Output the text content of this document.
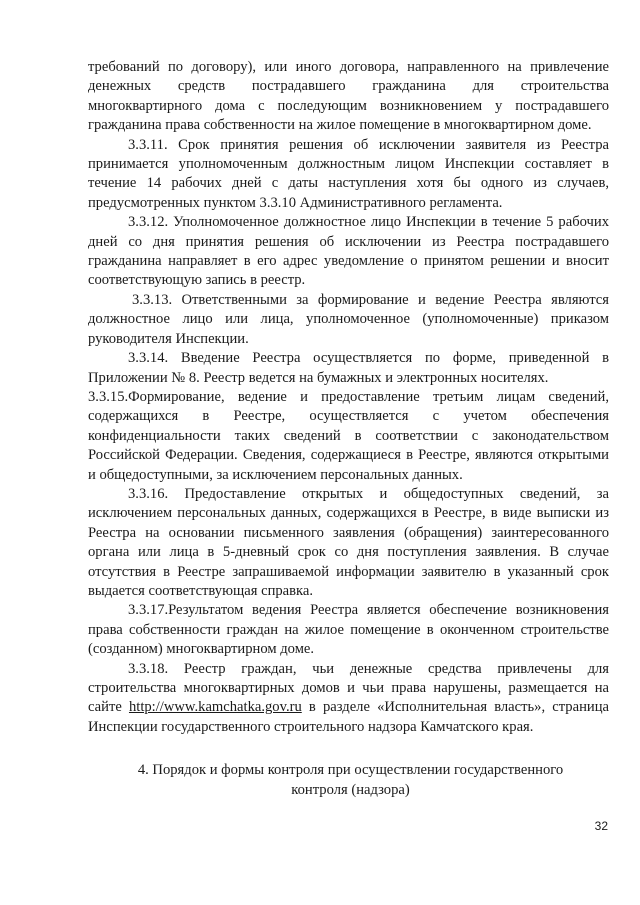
требований по договору), или иного договора, направленного на привлечение денежных средств пострадавшего гражданина для строительства многоквартирного дома с последующим возникновением у пострадавшего гражданина права собственности на жилое помещение в многоквартирном доме.

3.3.11. Срок принятия решения об исключении заявителя из Реестра принимается уполномоченным должностным лицом Инспекции составляет в течение 14 рабочих дней с даты наступления хотя бы одного из случаев, предусмотренных пунктом 3.3.10 Административного регламента.

3.3.12. Уполномоченное должностное лицо Инспекции в течение 5 рабочих дней со дня принятия решения об исключении из Реестра пострадавшего гражданина направляет в его адрес уведомление о принятом решении и вносит соответствующую запись в реестр.

3.3.13. Ответственными за формирование и ведение Реестра являются должностное лицо или лица, уполномоченное (уполномоченные) приказом руководителя Инспекции.

3.3.14. Введение Реестра осуществляется по форме, приведенной в Приложении № 8. Реестр ведется на бумажных и электронных носителях.

3.3.15.Формирование, ведение и предоставление третьим лицам сведений, содержащихся в Реестре, осуществляется с учетом обеспечения конфиденциальности таких сведений в соответствии с законодательством Российской Федерации. Сведения, содержащиеся в Реестре, являются открытыми и общедоступными, за исключением персональных данных.

3.3.16. Предоставление открытых и общедоступных сведений, за исключением персональных данных, содержащихся в Реестре, в виде выписки из Реестра на основании письменного заявления (обращения) заинтересованного органа или лица в 5-дневный срок со дня поступления заявления. В случае отсутствия в Реестре запрашиваемой информации заявителю в указанный срок выдается соответствующая справка.

3.3.17.Результатом ведения Реестра является обеспечение возникновения права собственности граждан на жилое помещение в оконченном строительстве (созданном) многоквартирном доме.

3.3.18. Реестр граждан, чьи денежные средства привлечены для строительства многоквартирных домов и чьи права нарушены, размещается на сайте http://www.kamchatka.gov.ru в разделе «Исполнительная власть», страница Инспекции государственного строительного надзора Камчатского края.

4. Порядок и формы контроля при осуществлении государственного
контроля (надзора)
32
